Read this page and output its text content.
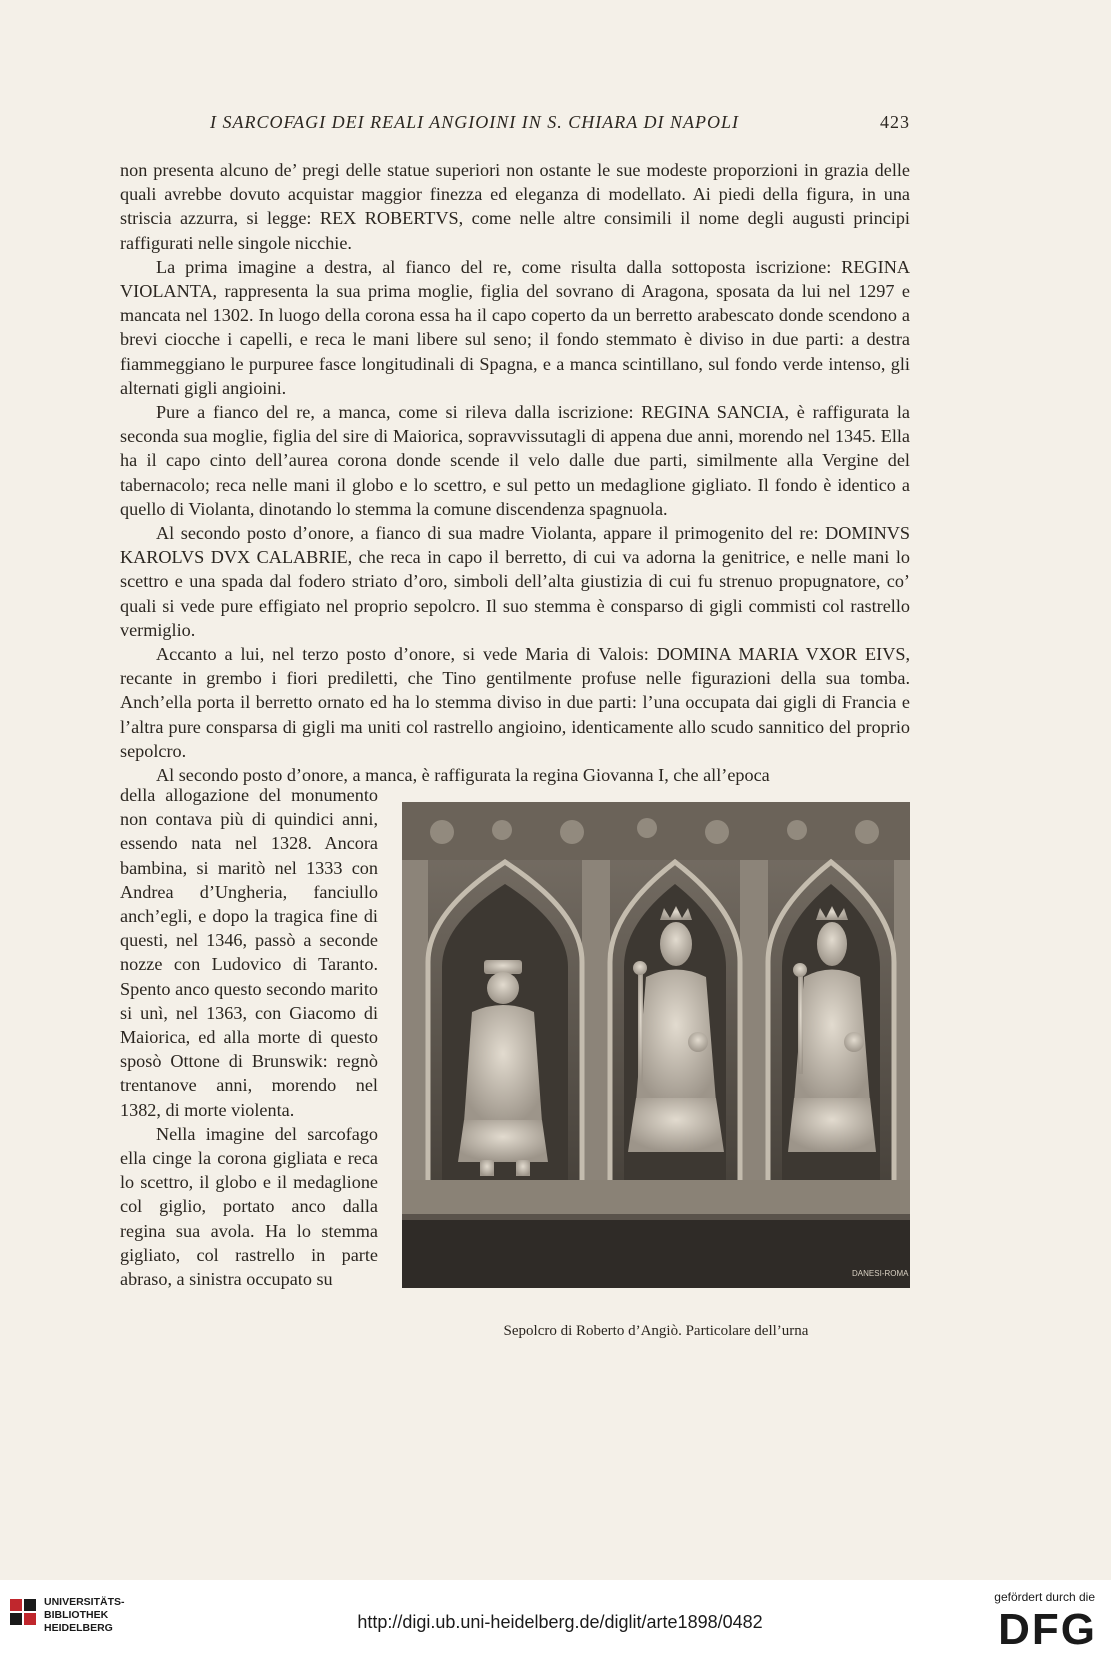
I SARCOFAGI DEI REALI ANGIOINI IN S. CHIARA DI NAPOLI	423

non presenta alcuno de’ pregi delle statue superiori non ostante le sue modeste proporzioni in grazia delle quali avrebbe dovuto acquistar maggior finezza ed eleganza di modellato. Ai piedi della figura, in una striscia azzurra, si legge: REX ROBERTVS, come nelle altre consimili il nome degli augusti principi raffigurati nelle singole nicchie.

La prima imagine a destra, al fianco del re, come risulta dalla sottoposta iscrizione: REGINA VIOLANTA, rappresenta la sua prima moglie, figlia del sovrano di Aragona, sposata da lui nel 1297 e mancata nel 1302. In luogo della corona essa ha il capo coperto da un berretto arabescato donde scendono a brevi ciocche i capelli, e reca le mani libere sul seno; il fondo stemmato è diviso in due parti: a destra fiammeggiano le purpuree fasce longitudinali di Spagna, e a manca scintillano, sul fondo verde intenso, gli alternati gigli angioini.

Pure a fianco del re, a manca, come si rileva dalla iscrizione: REGINA SANCIA, è raffigurata la seconda sua moglie, figlia del sire di Maiorica, sopravvissutagli di appena due anni, morendo nel 1345. Ella ha il capo cinto dell’aurea corona donde scende il velo dalle due parti, similmente alla Vergine del tabernacolo; reca nelle mani il globo e lo scettro, e sul petto un medaglione gigliato. Il fondo è identico a quello di Violanta, dinotando lo stemma la comune discendenza spagnuola.

Al secondo posto d’onore, a fianco di sua madre Violanta, appare il primogenito del re: DOMINVS KAROLVS DVX CALABRIE, che reca in capo il berretto, di cui va adorna la genitrice, e nelle mani lo scettro e una spada dal fodero striato d’oro, simboli dell’alta giustizia di cui fu strenuo propugnatore, co’ quali si vede pure effigiato nel proprio sepolcro. Il suo stemma è consparso di gigli commisti col rastrello vermiglio.

Accanto a lui, nel terzo posto d’onore, si vede Maria di Valois: DOMINA MARIA VXOR EIVS, recante in grembo i fiori prediletti, che Tino gentilmente profuse nelle figurazioni della sua tomba. Anch’ella porta il berretto ornato ed ha lo stemma diviso in due parti: l’una occupata dai gigli di Francia e l’altra pure consparsa di gigli ma uniti col rastrello angioino, identicamente allo scudo sannitico del proprio sepolcro.

Al secondo posto d’onore, a manca, è raffigurata la regina Giovanna I, che all’epoca

della allogazione del monumento non contava più di quindici anni, essendo nata nel 1328. Ancora bambina, si maritò nel 1333 con Andrea d’Ungheria, fanciullo anch’egli, e dopo la tragica fine di questi, nel 1346, passò a seconde nozze con Ludovico di Taranto. Spento anco questo secondo marito si unì, nel 1363, con Giacomo di Maiorica, ed alla morte di questo sposò Ottone di Brunswik: regnò trentanove anni, morendo nel 1382, di morte violenta.

Nella imagine del sarcofago ella cinge la corona gigliata e reca lo scettro, il globo e il medaglione col giglio, portato anco dalla regina sua avola. Ha lo stemma gigliato, col rastrello in parte abraso, a sinistra occupato su	DANESI-ROMA
Sepolcro di Roberto d’Angiò. Particolare dell’urna
UNIVERSITÄTS-
BIBLIOTHEK
HEIDELBERG	http://digi.ub.uni-heidelberg.de/diglit/arte1898/0482
gefördert durch die
DFG
